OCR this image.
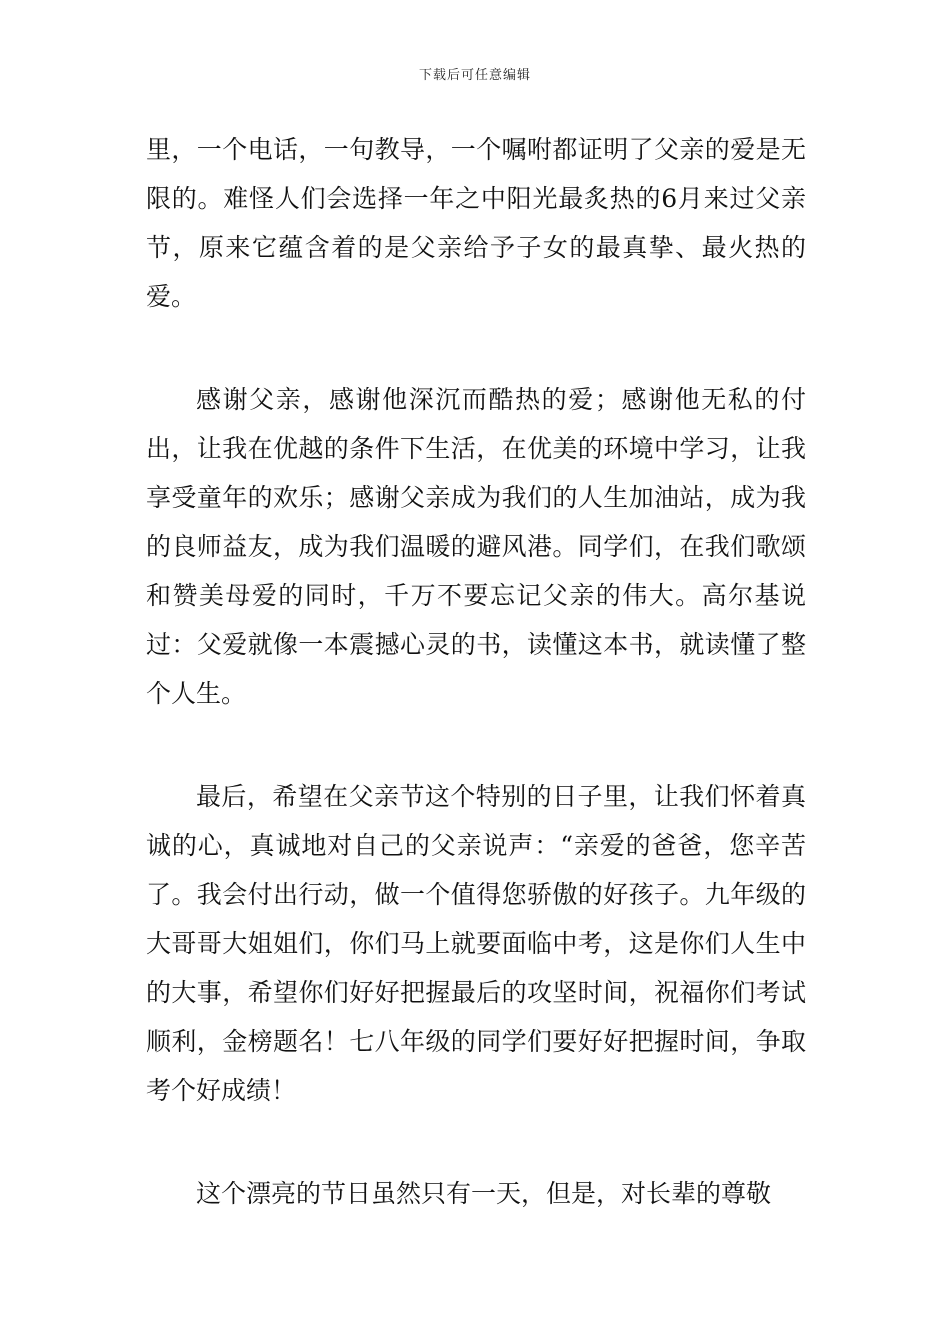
下载后可任意编辑

里，一个电话，一句教导，一个嘱咐都证明了父亲的爱是无限的。难怪人们会选择一年之中阳光最炙热的6月来过父亲节，原来它蕴含着的是父亲给予子女的最真挚、最火热的爱。

感谢父亲，感谢他深沉而酷热的爱；感谢他无私的付出，让我在优越的条件下生活，在优美的环境中学习，让我享受童年的欢乐；感谢父亲成为我们的人生加油站，成为我的良师益友，成为我们温暖的避风港。同学们，在我们歌颂和赞美母爱的同时，千万不要忘记父亲的伟大。高尔基说过：父爱就像一本震撼心灵的书，读懂这本书，就读懂了整个人生。

最后，希望在父亲节这个特别的日子里，让我们怀着真诚的心，真诚地对自己的父亲说声：“亲爱的爸爸，您辛苦了。我会付出行动，做一个值得您骄傲的好孩子。九年级的大哥哥大姐姐们，你们马上就要面临中考，这是你们人生中的大事，希望你们好好把握最后的攻坚时间，祝福你们考试顺利，金榜题名！七八年级的同学们要好好把握时间，争取考个好成绩！

这个漂亮的节日虽然只有一天，但是，对长辈的尊敬
